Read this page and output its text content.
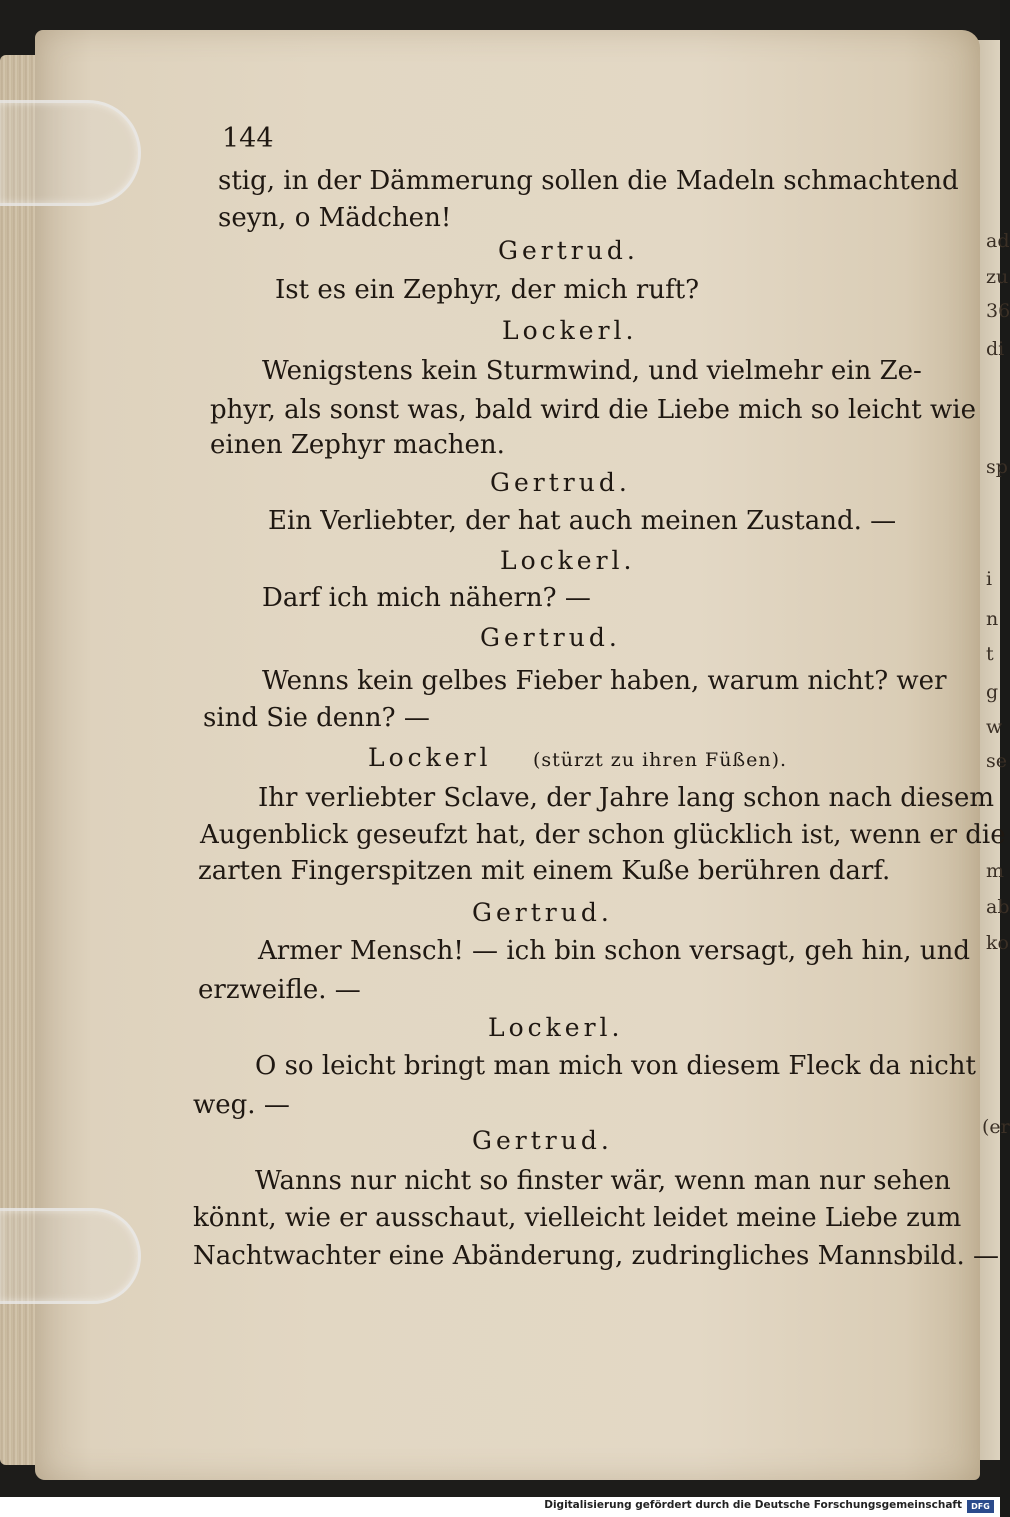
ad
zu
36
di
sp
i
n
t
g
w
se
m
ab
ko
(er
144
stig, in der Dämmerung sollen die Madeln schmachtend
seyn, o Mädchen!
Gertrud.
Ist es ein Zephyr, der mich ruft?
Lockerl.
Wenigstens kein Sturmwind, und vielmehr ein Ze-
phyr, als sonst was, bald wird die Liebe mich so leicht wie
einen Zephyr machen.
Gertrud.
Ein Verliebter, der hat auch meinen Zustand. —
Lockerl.
Darf ich mich nähern? —
Gertrud.
Wenns kein gelbes Fieber haben, warum nicht? wer
sind Sie denn? —
Lockerl (stürzt zu ihren Füßen).
Ihr verliebter Sclave, der Jahre lang schon nach diesem
Augenblick geseufzt hat, der schon glücklich ist, wenn er die
zarten Fingerspitzen mit einem Kuße berühren darf.
Gertrud.
Armer Mensch! — ich bin schon versagt, geh hin, und
erzweifle. —
Lockerl.
O so leicht bringt man mich von diesem Fleck da nicht
weg. —
Gertrud.
Wanns nur nicht so finster wär, wenn man nur sehen
könnt, wie er ausschaut, vielleicht leidet meine Liebe zum
Nachtwachter eine Abänderung, zudringliches Mannsbild. —
Digitalisierung gefördert durch die Deutsche Forschungsgemeinschaft	DFG
